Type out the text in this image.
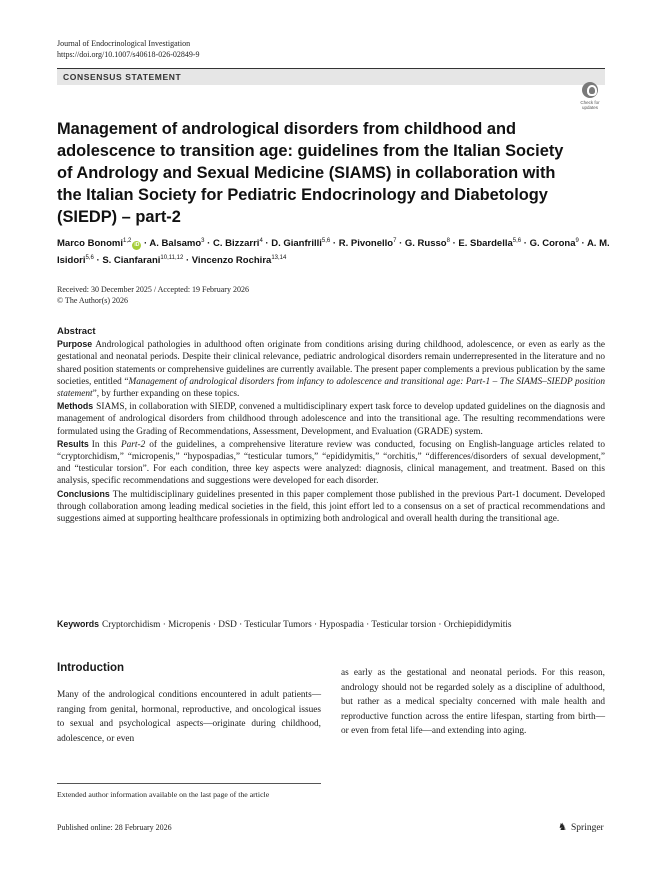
Journal of Endocrinological Investigation
https://doi.org/10.1007/s40618-026-02849-9
CONSENSUS STATEMENT
Check for updates
Management of andrological disorders from childhood and adolescence to transition age: guidelines from the Italian Society of Andrology and Sexual Medicine (SIAMS) in collaboration with the Italian Society for Pediatric Endocrinology and Diabetology (SIEDP) – part-2
Marco Bonomi$^{1,2}$iD · A. Balsamo$^3$ · C. Bizzarri$^4$ · D. Gianfrilli$^{5,6}$ · R. Pivonello$^7$ · G. Russo$^8$ · E. Sbardella$^{5,6}$ · G. Corona$^9$ · A. M. Isidori$^{5,6}$ · S. Cianfarani$^{10,11,12}$ · Vincenzo Rochira$^{13,14}$
Received: 30 December 2025 / Accepted: 19 February 2026
© The Author(s) 2026
Abstract

Purpose Andrological pathologies in adulthood often originate from conditions arising during childhood, adolescence, or even as early as the gestational and neonatal periods. Despite their clinical relevance, pediatric andrological disorders remain underrepresented in the literature and no shared position statements or comprehensive guidelines are currently available. The present paper complements a previous publication by the same societies, entitled “Management of andrological disorders from infancy to adolescence and transitional age: Part-1 – The SIAMS–SIEDP position statement”, by further expanding on these topics.

Methods SIAMS, in collaboration with SIEDP, convened a multidisciplinary expert task force to develop updated guidelines on the diagnosis and management of andrological disorders from childhood through adolescence and into the transitional age. The resulting recommendations were formulated using the Grading of Recommendations, Assessment, Development, and Evaluation (GRADE) system.

Results In this Part-2 of the guidelines, a comprehensive literature review was conducted, focusing on English-language articles related to “cryptorchidism,” “micropenis,” “hypospadias,” “testicular tumors,” “epididymitis,” “orchitis,” “differences/disorders of sexual development,” and “testicular torsion”. For each condition, three key aspects were analyzed: diagnosis, clinical management, and treatment. Based on this analysis, specific recommendations and suggestions were developed for each disorder.

Conclusions The multidisciplinary guidelines presented in this paper complement those published in the previous Part-1 document. Developed through collaboration among leading medical societies in the field, this joint effort led to a consensus on a set of practical recommendations and suggestions aimed at supporting healthcare professionals in optimizing both andrological and overall health during the transitional age.

Keywords Cryptorchidism · Micropenis · DSD · Testicular Tumors · Hypospadia · Testicular torsion · Orchiepididymitis
Introduction
Many of the andrological conditions encountered in adult patients—ranging from genital, hormonal, reproductive, and oncological issues to sexual and psychological aspects—originate during childhood, adolescence, or even
as early as the gestational and neonatal periods. For this reason, andrology should not be regarded solely as a discipline of adulthood, but rather as a medical specialty concerned with male health and reproductive function across the entire lifespan, starting from birth—or even from fetal life—and extending into aging.
Extended author information available on the last page of the article
Published online: 28 February 2026	♞ Springer
